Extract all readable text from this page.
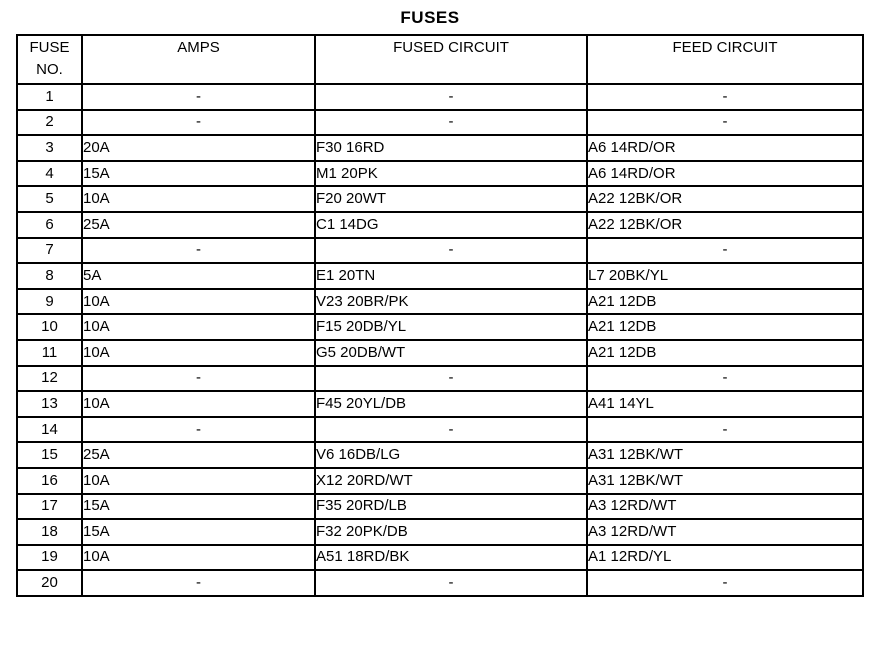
FUSES
FUSE
NO.	AMPS	FUSED CIRCUIT	FEED CIRCUIT
1	-	-	-
2	-	-	-
3	20A	F30 16RD	A6 14RD/OR
4	15A	M1 20PK	A6 14RD/OR
5	10A	F20 20WT	A22 12BK/OR
6	25A	C1 14DG	A22 12BK/OR
7	-	-	-
8	5A	E1 20TN	L7 20BK/YL
9	10A	V23 20BR/PK	A21 12DB
10	10A	F15 20DB/YL	A21 12DB
11	10A	G5 20DB/WT	A21 12DB
12	-	-	-
13	10A	F45 20YL/DB	A41 14YL
14	-	-	-
15	25A	V6 16DB/LG	A31 12BK/WT
16	10A	X12 20RD/WT	A31 12BK/WT
17	15A	F35 20RD/LB	A3 12RD/WT
18	15A	F32 20PK/DB	A3 12RD/WT
19	10A	A51 18RD/BK	A1 12RD/YL
20	-	-	-
